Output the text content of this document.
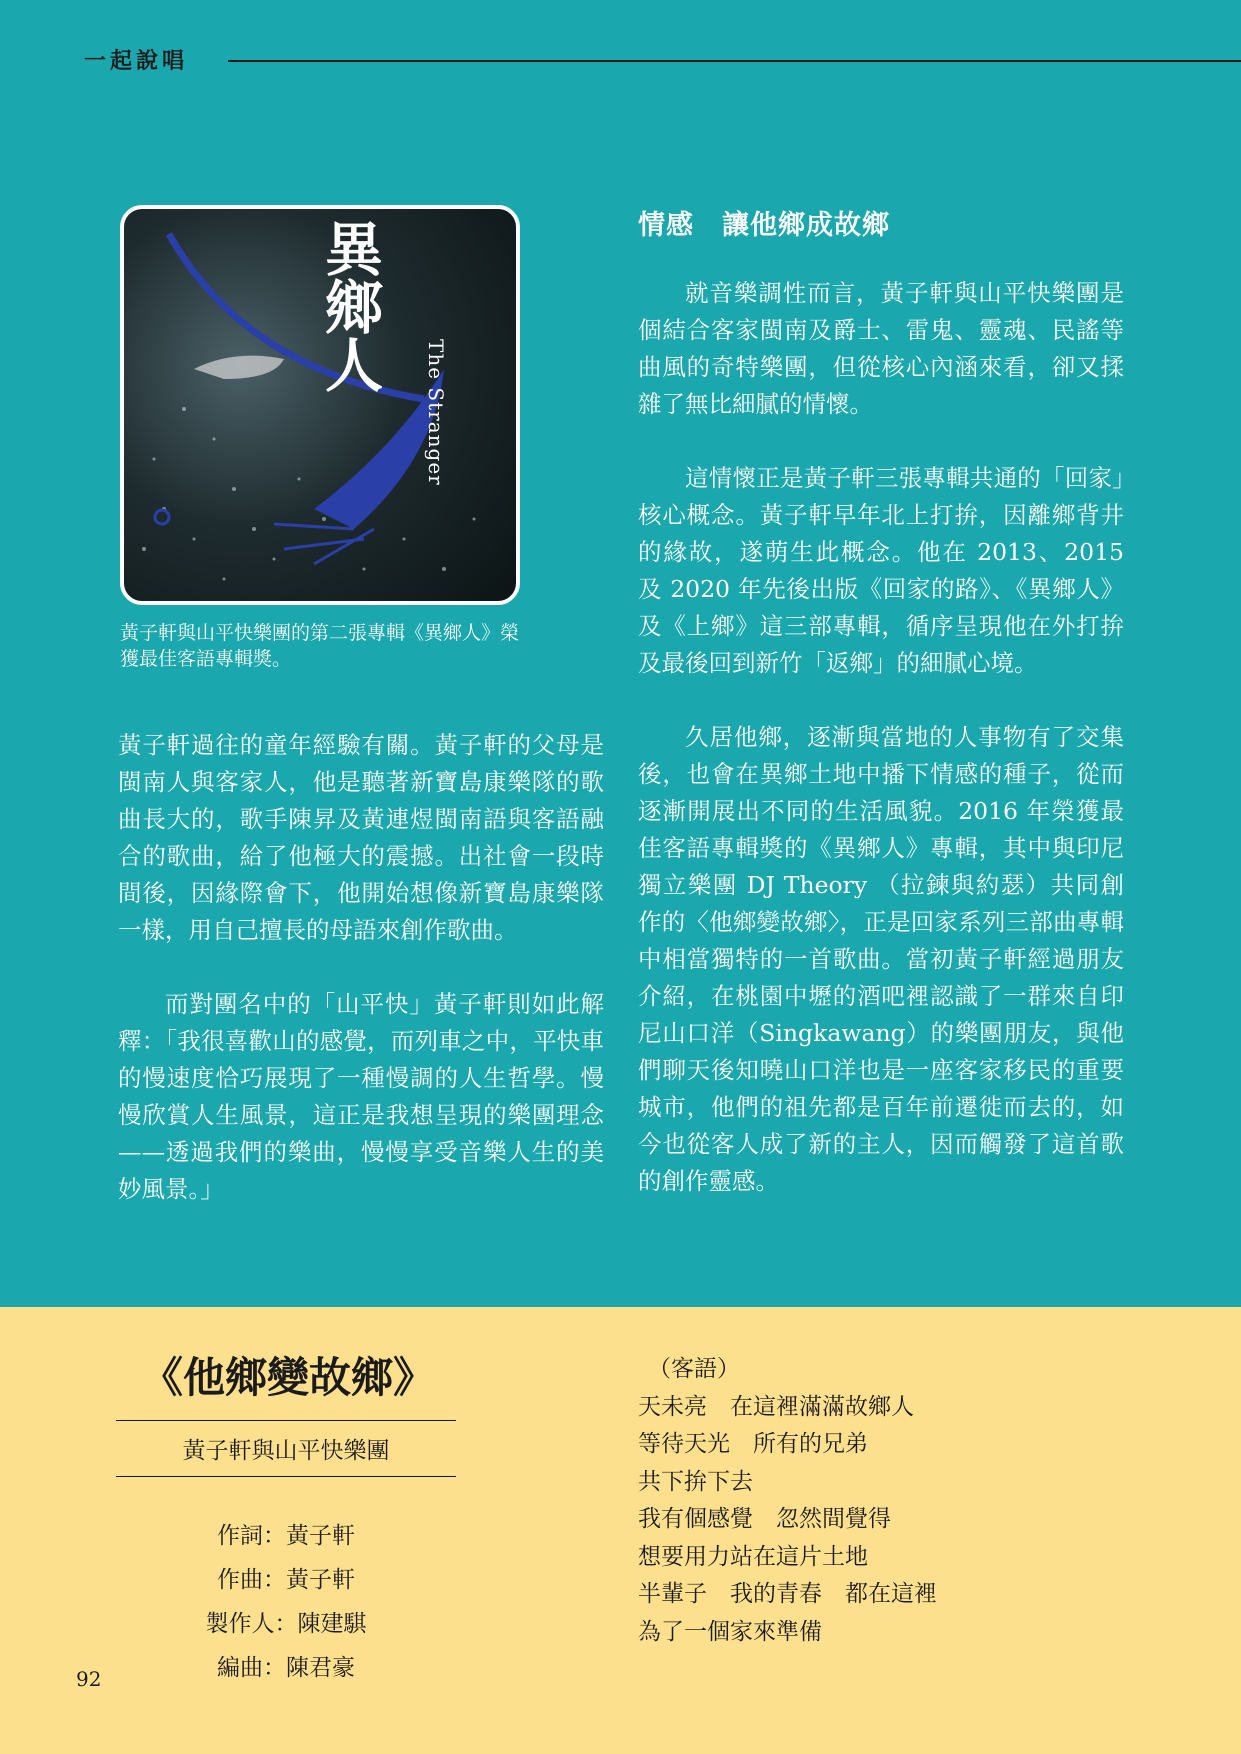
一起說唱
異鄉人
The Stranger
黃子軒與山平快樂團的第二張專輯《異鄉人》榮獲最佳客語專輯獎。

黃子軒過往的童年經驗有關。黃子軒的父母是閩南人與客家人，他是聽著新寶島康樂隊的歌曲長大的，歌手陳昇及黃連煜閩南語與客語融合的歌曲，給了他極大的震撼。出社會一段時間後，因緣際會下，他開始想像新寶島康樂隊一樣，用自己擅長的母語來創作歌曲。

而對團名中的「山平快」黃子軒則如此解釋：「我很喜歡山的感覺，而列車之中，平快車的慢速度恰巧展現了一種慢調的人生哲學。慢慢欣賞人生風景，這正是我想呈現的樂團理念——透過我們的樂曲，慢慢享受音樂人生的美妙風景。」

情感　讓他鄉成故鄉

就音樂調性而言，黃子軒與山平快樂團是個結合客家閩南及爵士、雷鬼、靈魂、民謠等曲風的奇特樂團，但從核心內涵來看，卻又揉雜了無比細膩的情懷。

這情懷正是黃子軒三張專輯共通的「回家」核心概念。黃子軒早年北上打拚，因離鄉背井的緣故，遂萌生此概念。他在 2013、2015 及 2020 年先後出版《回家的路》、《異鄉人》及《上鄉》這三部專輯，循序呈現他在外打拚及最後回到新竹「返鄉」的細膩心境。

久居他鄉，逐漸與當地的人事物有了交集後，也會在異鄉土地中播下情感的種子，從而逐漸開展出不同的生活風貌。2016 年榮獲最佳客語專輯獎的《異鄉人》專輯，其中與印尼獨立樂團 DJ Theory （拉鍊與約瑟）共同創作的〈他鄉變故鄉〉，正是回家系列三部曲專輯中相當獨特的一首歌曲。當初黃子軒經過朋友介紹，在桃園中壢的酒吧裡認識了一群來自印尼山口洋（Singkawang）的樂團朋友，與他們聊天後知曉山口洋也是一座客家移民的重要城市，他們的祖先都是百年前遷徙而去的，如今也從客人成了新的主人，因而觸發了這首歌的創作靈感。

《他鄉變故鄉》
黃子軒與山平快樂團
作詞 ： 黃子軒
作曲 ： 黃子軒
製作人 ： 陳建騏
編曲 ： 陳君豪
（客語）
天未亮　在這裡滿滿故鄉人
等待天光　所有的兄弟
共下拚下去
我有個感覺　忽然間覺得
想要用力站在這片土地
半輩子　我的青春　都在這裡
為了一個家來準備
92
